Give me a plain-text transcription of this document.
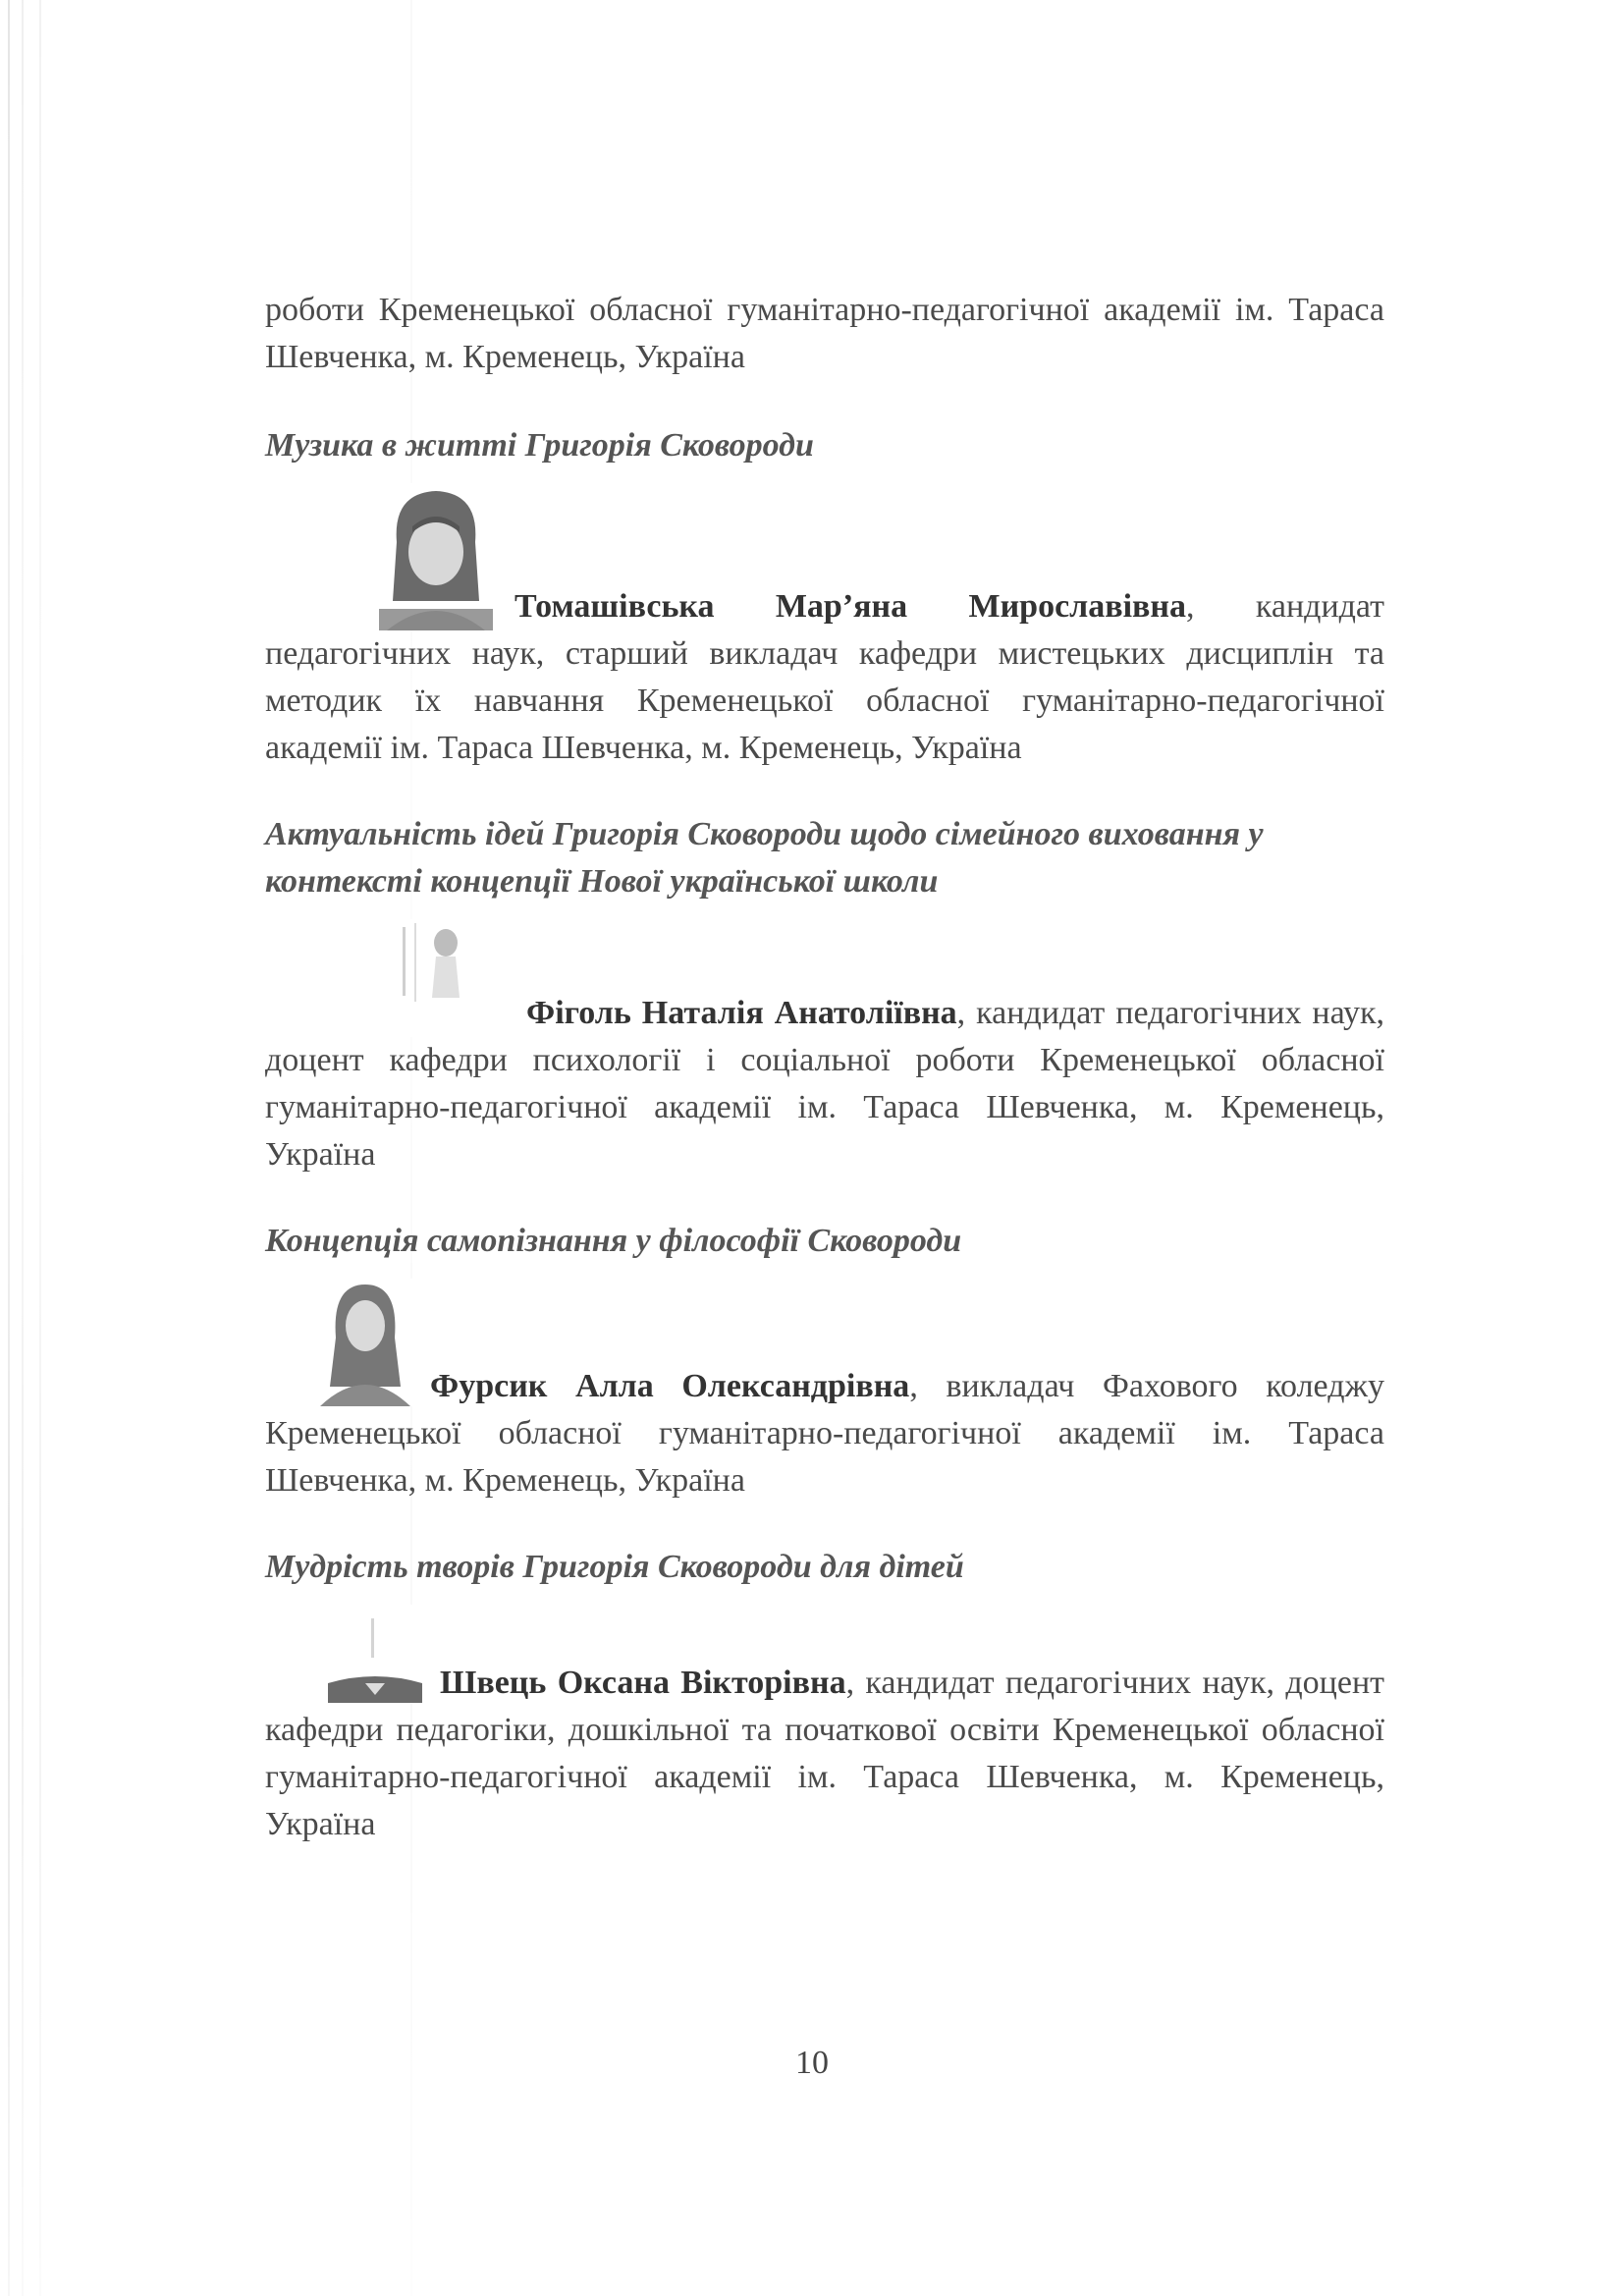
роботи Кременецької обласної гуманітарно-педагогічної академії ім. Тараса Шевченка, м. Кременець, Україна

Музика в житті Григорія Сковороди

Томашівська Мар’яна Мирославівна, кандидат педагогічних наук, старший викладач кафедри мистецьких дисциплін та методик їх навчання Кременецької обласної гуманітарно-педагогічної академії ім. Тараса Шевченка, м. Кременець, Україна

Актуальність ідей Григорія Сковороди щодо сімейного виховання у контексті концепції Нової української школи

Фіголь Наталія Анатоліївна, кандидат педагогічних наук, доцент кафедри психології і соціальної роботи Кременецької обласної гуманітарно-педагогічної академії ім. Тараса Шевченка, м. Кременець, Україна

Концепція самопізнання у філософії Сковороди

Фурсик Алла Олександрівна, викладач Фахового коледжу Кременецької обласної гуманітарно-педагогічної академії ім. Тараса Шевченка, м. Кременець, Україна

Мудрість творів Григорія Сковороди для дітей

Швець Оксана Вікторівна, кандидат педагогічних наук, доцент кафедри педагогіки, дошкільної та початкової освіти Кременецької обласної гуманітарно-педагогічної академії ім. Тараса Шевченка, м. Кременець, Україна

10
